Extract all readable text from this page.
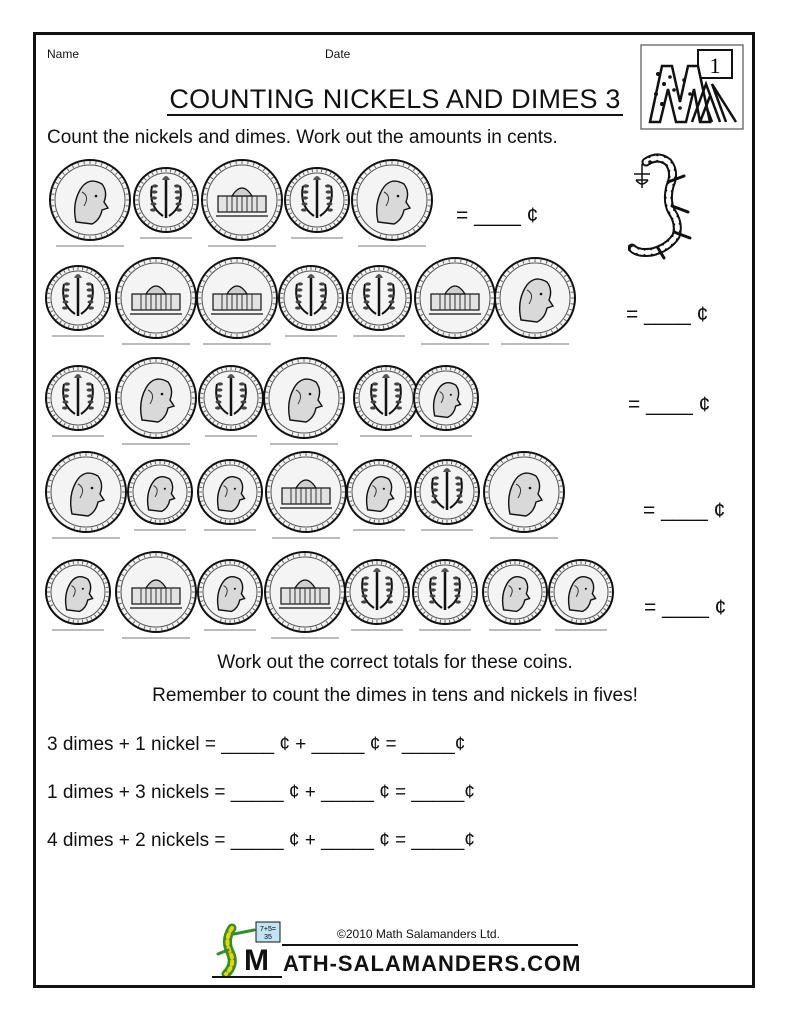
Name	Date	1
COUNTING NICKELS AND DIMES 3
Count the nickels and dimes. Work out the amounts in cents.
= ____ ¢
= ____ ¢
= ____ ¢
= ____ ¢
= ____ ¢
Work out the correct totals for these coins.
Remember to count the dimes in tens and nickels in fives!
3 dimes + 1 nickel = _____ ¢ + _____ ¢ = _____¢
1 dimes + 3 nickels = _____ ¢ + _____ ¢ = _____¢
4 dimes + 2 nickels = _____ ¢ + _____ ¢ = _____¢
7+5=
35	©2010 Math Salamanders Ltd.
M ATH-SALAMANDERS.COM
